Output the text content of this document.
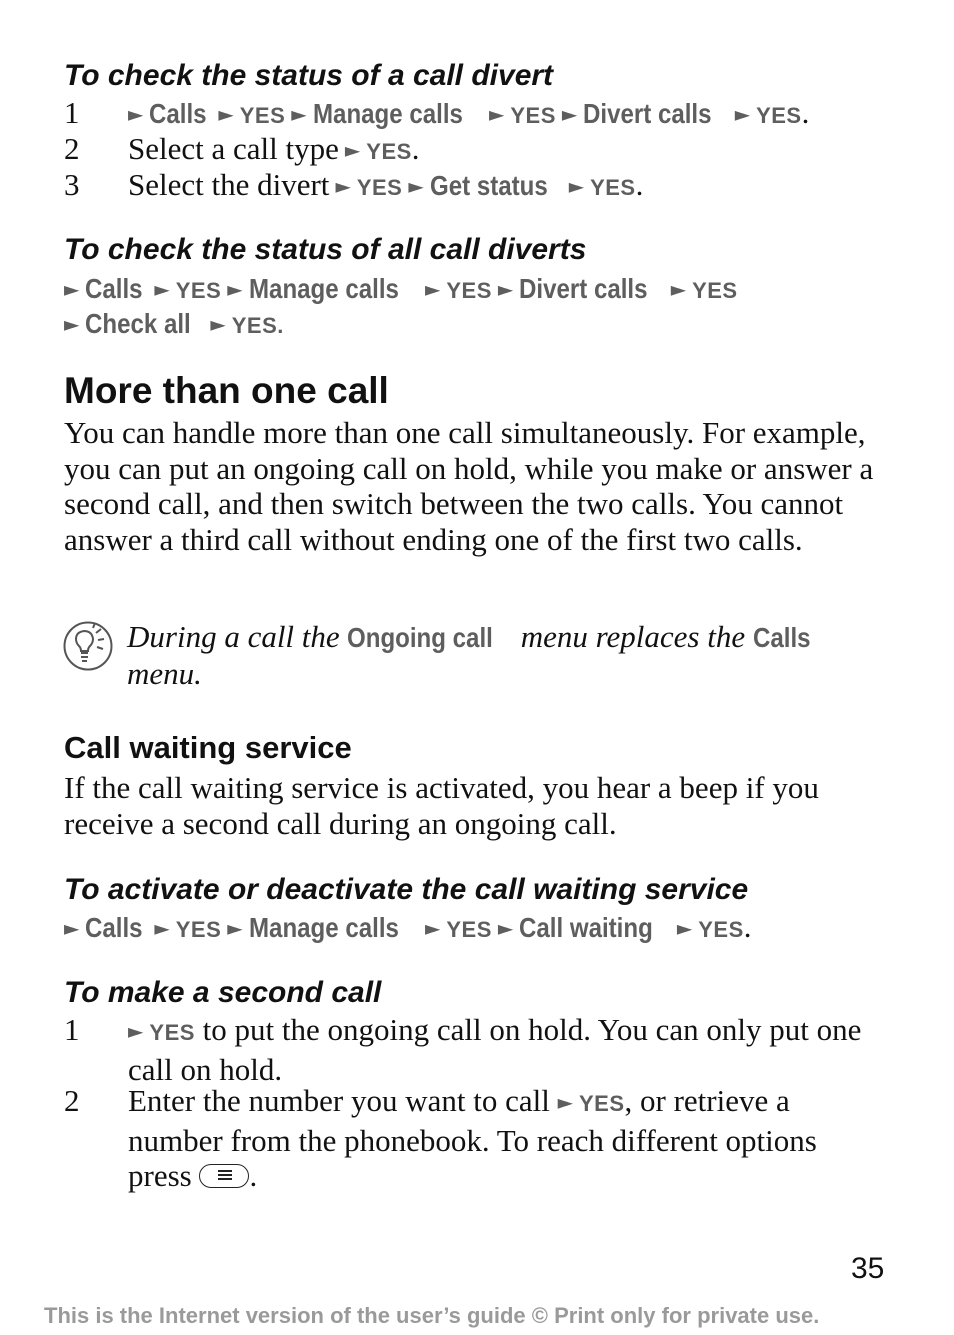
To check the status of a call divert
1 ► Calls ► YES ► Manage calls ► YES ► Divert calls ► YES.
2 Select a call type ► YES.
3 Select the divert ► YES ► Get status ► YES.
To check the status of all call diverts
► Calls ► YES ► Manage calls ► YES ► Divert calls ► YES
► Check all ► YES.
More than one call
You can handle more than one call simultaneously. For example, you can put an ongoing call on hold, while you make or answer a second call, and then switch between the two calls. You cannot answer a third call without ending one of the first two calls.
During a call the Ongoing call menu replaces the Calls
menu.
Call waiting service
If the call waiting service is activated, you hear a beep if you receive a second call during an ongoing call.
To activate or deactivate the call waiting service
► Calls ► YES ► Manage calls ► YES ► Call waiting ► YES.
To make a second call
1 ► YES to put the ongoing call on hold. You can only put one call on hold.
2 Enter the number you want to call ► YES, or retrieve a number from the phonebook. To reach different options press
.
35
This is the Internet version of the user’s guide © Print only for private use.
